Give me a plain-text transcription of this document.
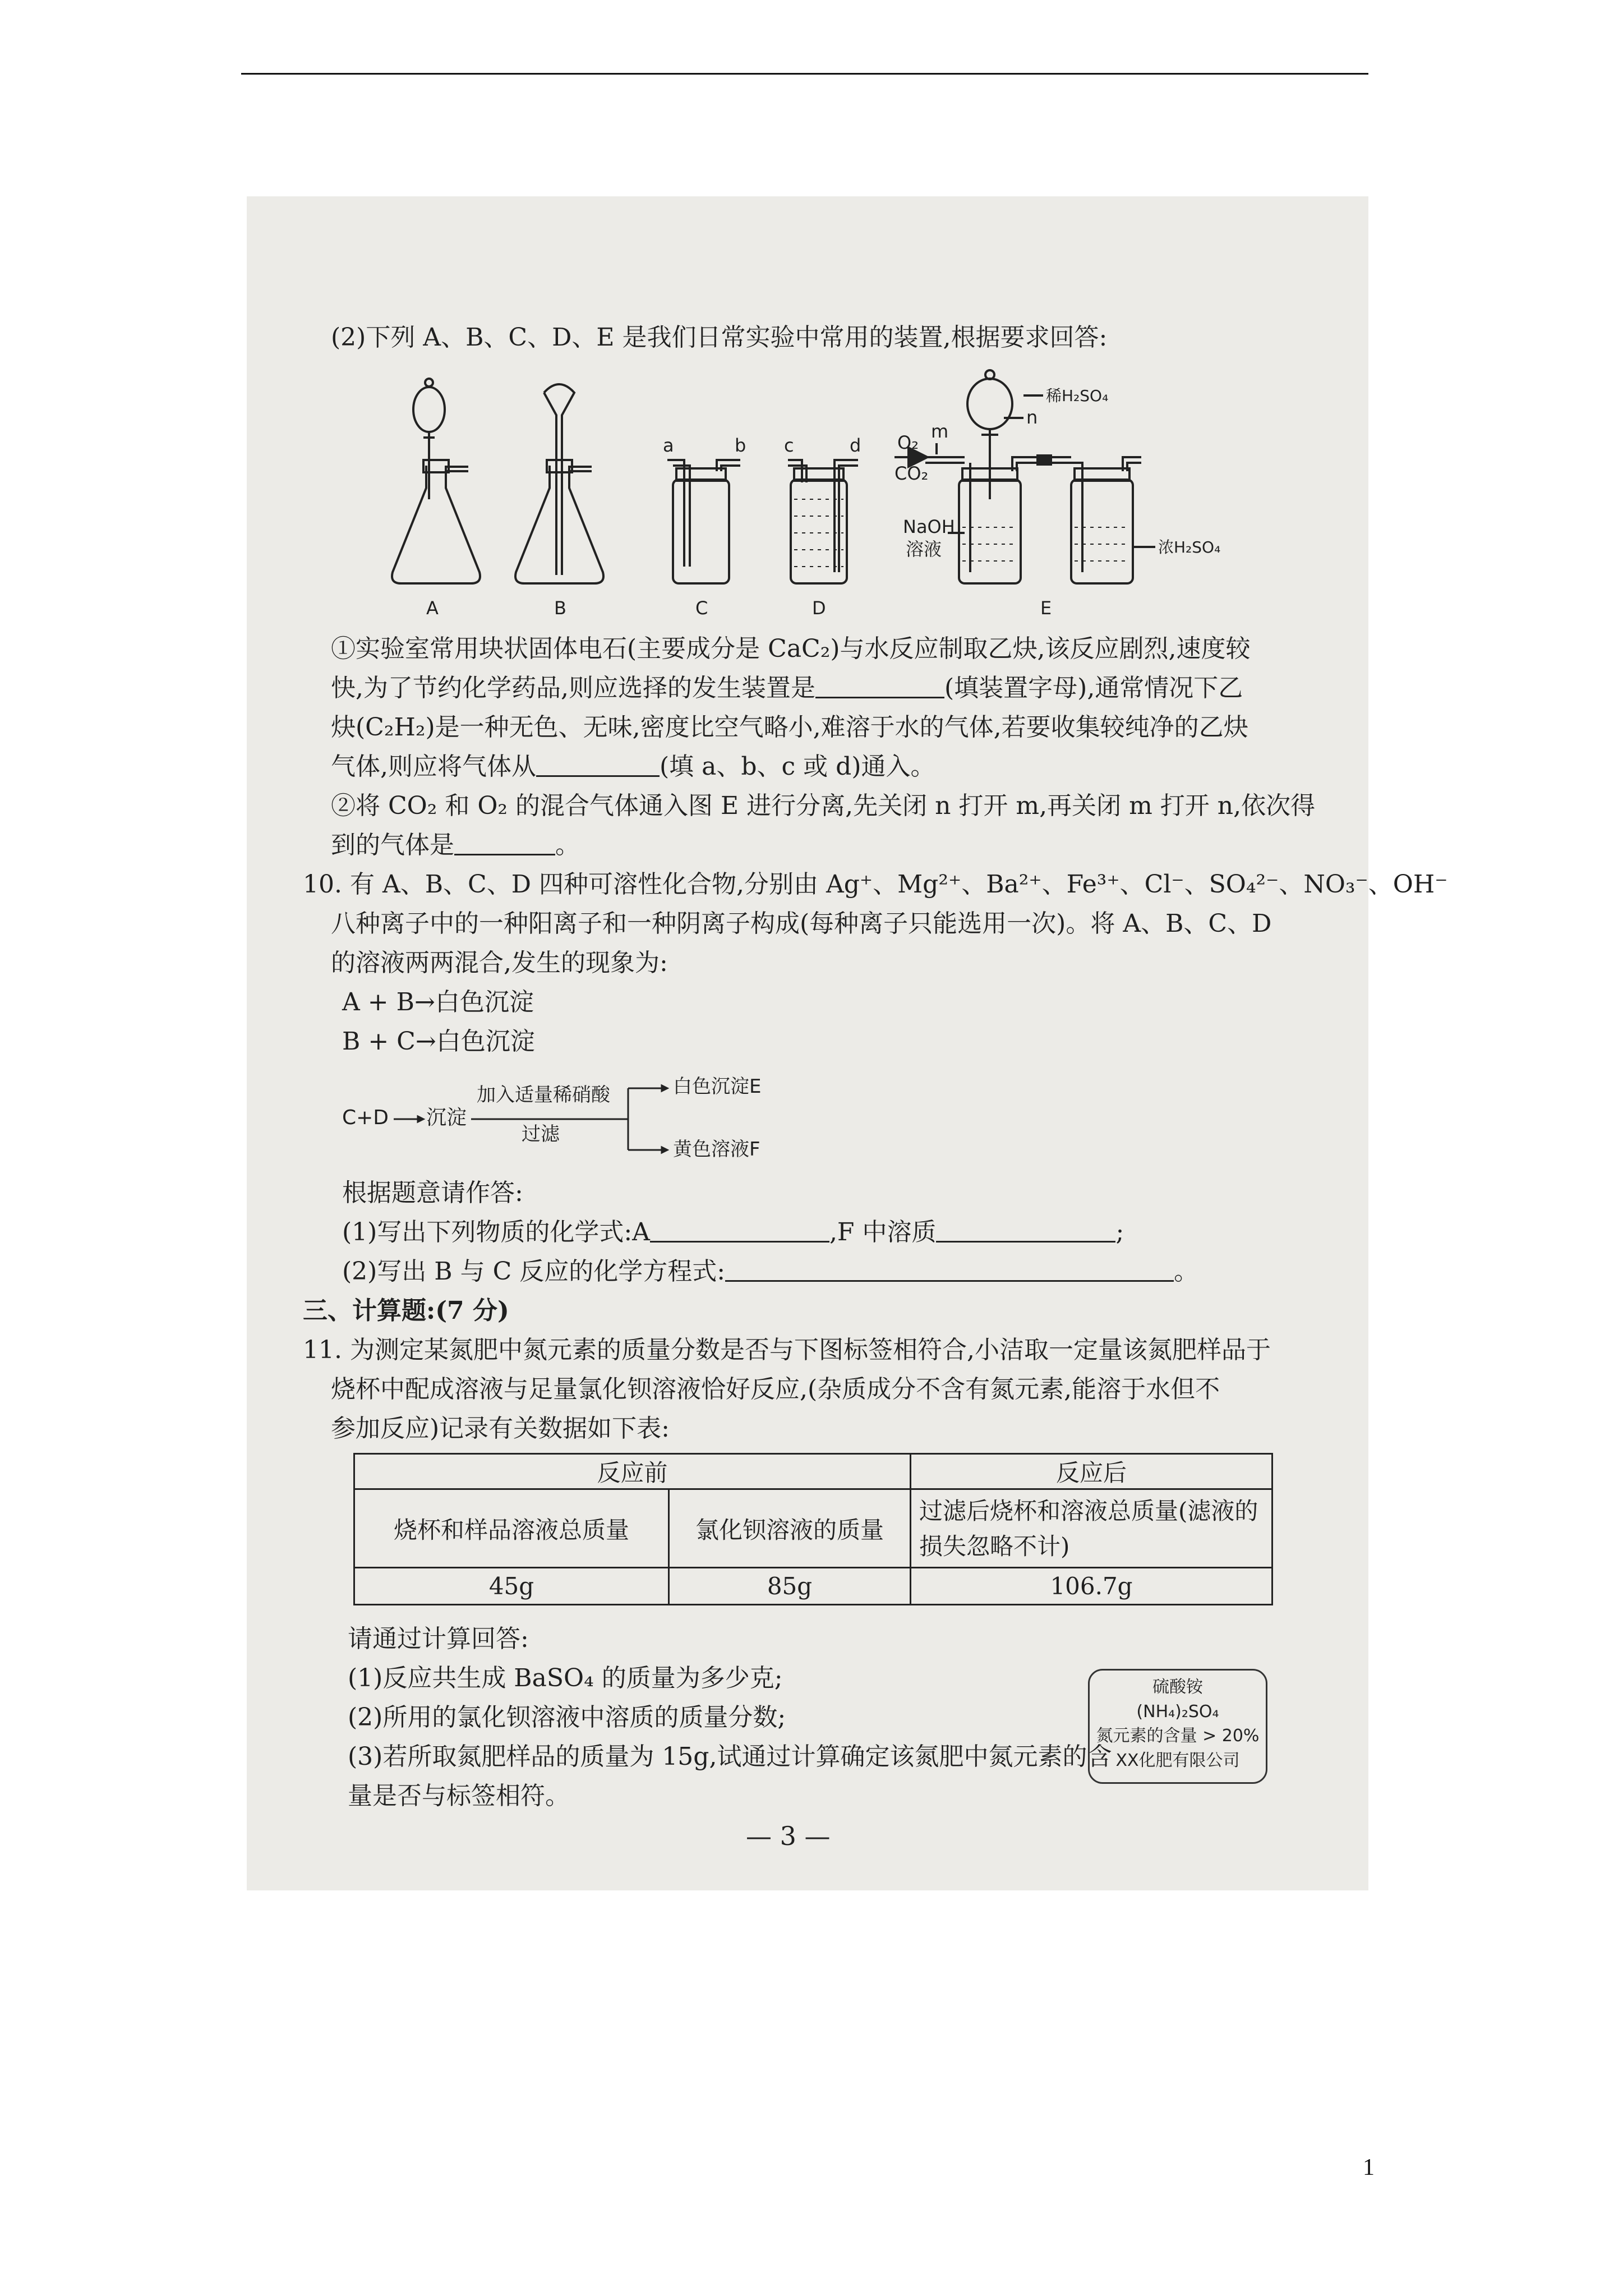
(2)下列 A、B、C、D、E 是我们日常实验中常用的装置,根据要求回答:
A	B	C	D	E
a	b c	d O₂
CO₂
m
n
稀H₂SO₄
NaOH
溶液	浓H₂SO₄
①实验室常用块状固体电石(主要成分是 CaC₂)与水反应制取乙炔,该反应剧烈,速度较
快,为了节约化学药品,则应选择的发生装置是	(填装置字母),通常情况下乙
炔(C₂H₂)是一种无色、无味,密度比空气略小,难溶于水的气体,若要收集较纯净的乙炔
气体,则应将气体从	(填 a、b、c 或 d)通入。
②将 CO₂ 和 O₂ 的混合气体通入图 E 进行分离,先关闭 n 打开 m,再关闭 m 打开 n,依次得
到的气体是	。
10. 有 A、B、C、D 四种可溶性化合物,分别由 Ag⁺、Mg²⁺、Ba²⁺、Fe³⁺、Cl⁻、SO₄²⁻、NO₃⁻、OH⁻
八种离子中的一种阳离子和一种阴离子构成(每种离子只能选用一次)。将 A、B、C、D
的溶液两两混合,发生的现象为:
A + B→白色沉淀
B + C→白色沉淀
C+D 沉淀
加入适量稀硝酸
过滤
白色沉淀E
黄色溶液F
根据题意请作答:
(1)写出下列物质的化学式:A	,F 中溶质	;
(2)写出 B 与 C 反应的化学方程式:	。
三、计算题:(7 分)
11. 为测定某氮肥中氮元素的质量分数是否与下图标签相符合,小洁取一定量该氮肥样品于
烧杯中配成溶液与足量氯化钡溶液恰好反应,(杂质成分不含有氮元素,能溶于水但不
参加反应)记录有关数据如下表:
反应前		反应后
烧杯和样品溶液总质量	氯化钡溶液的质量	过滤后烧杯和溶液总质量(滤液的
损失忽略不计)

45g	85g	106.7g
请通过计算回答:
(1)反应共生成 BaSO₄ 的质量为多少克;
(2)所用的氯化钡溶液中溶质的质量分数;
(3)若所取氮肥样品的质量为 15g,试通过计算确定该氮肥中氮元素的含
量是否与标签相符。
硫酸铵
(NH₄)₂SO₄
氮元素的含量 > 20%
XX化肥有限公司
— 3 —
1
